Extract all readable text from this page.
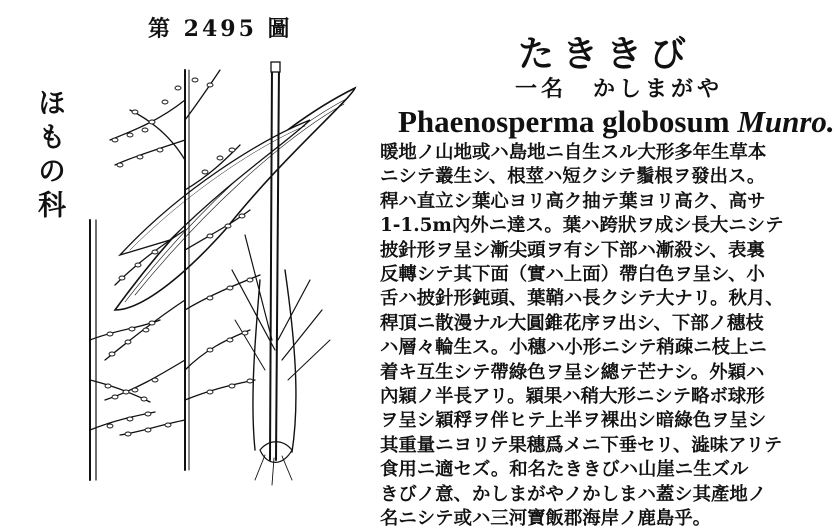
第 2495 圖
ほもの科
たききび
一名　かしまがや
Phaenosperma globosum Munro.

暖地ノ山地或ハ島地ニ自生スル大形多年生草本
ニシテ叢生シ、根莖ハ短クシテ鬚根ヲ發出ス。
稈ハ直立シ葉心ヨリ高ク抽テ葉ヨリ高ク、高サ
1-1.5m內外ニ達ス。葉ハ跨狀ヲ成シ長大ニシテ
披針形ヲ呈シ漸尖頭ヲ有シ下部ハ漸殺シ、表裏
反轉シテ其下面（實ハ上面）帶白色ヲ呈シ、小
舌ハ披針形鈍頭、葉鞘ハ長クシテ大ナリ。秋月、
稈頂ニ散漫ナル大圓錐花序ヲ出シ、下部ノ穗枝
ハ層々輪生ス。小穗ハ小形ニシテ稍疎ニ枝上ニ
着キ互生シテ帶綠色ヲ呈シ總テ芒ナシ。外穎ハ
內穎ノ半長アリ。穎果ハ稍大形ニシテ略ボ球形
ヲ呈シ穎稃ヲ伴ヒテ上半ヲ裸出シ暗綠色ヲ呈シ
其重量ニヨリテ果穗爲メニ下垂セリ、澁味アリテ
食用ニ適セズ。和名たききびハ山崖ニ生ズル
きびノ意、かしまがやノかしまハ蓋シ其產地ノ
名ニシテ或ハ三河寶飯郡海岸ノ鹿島乎。
